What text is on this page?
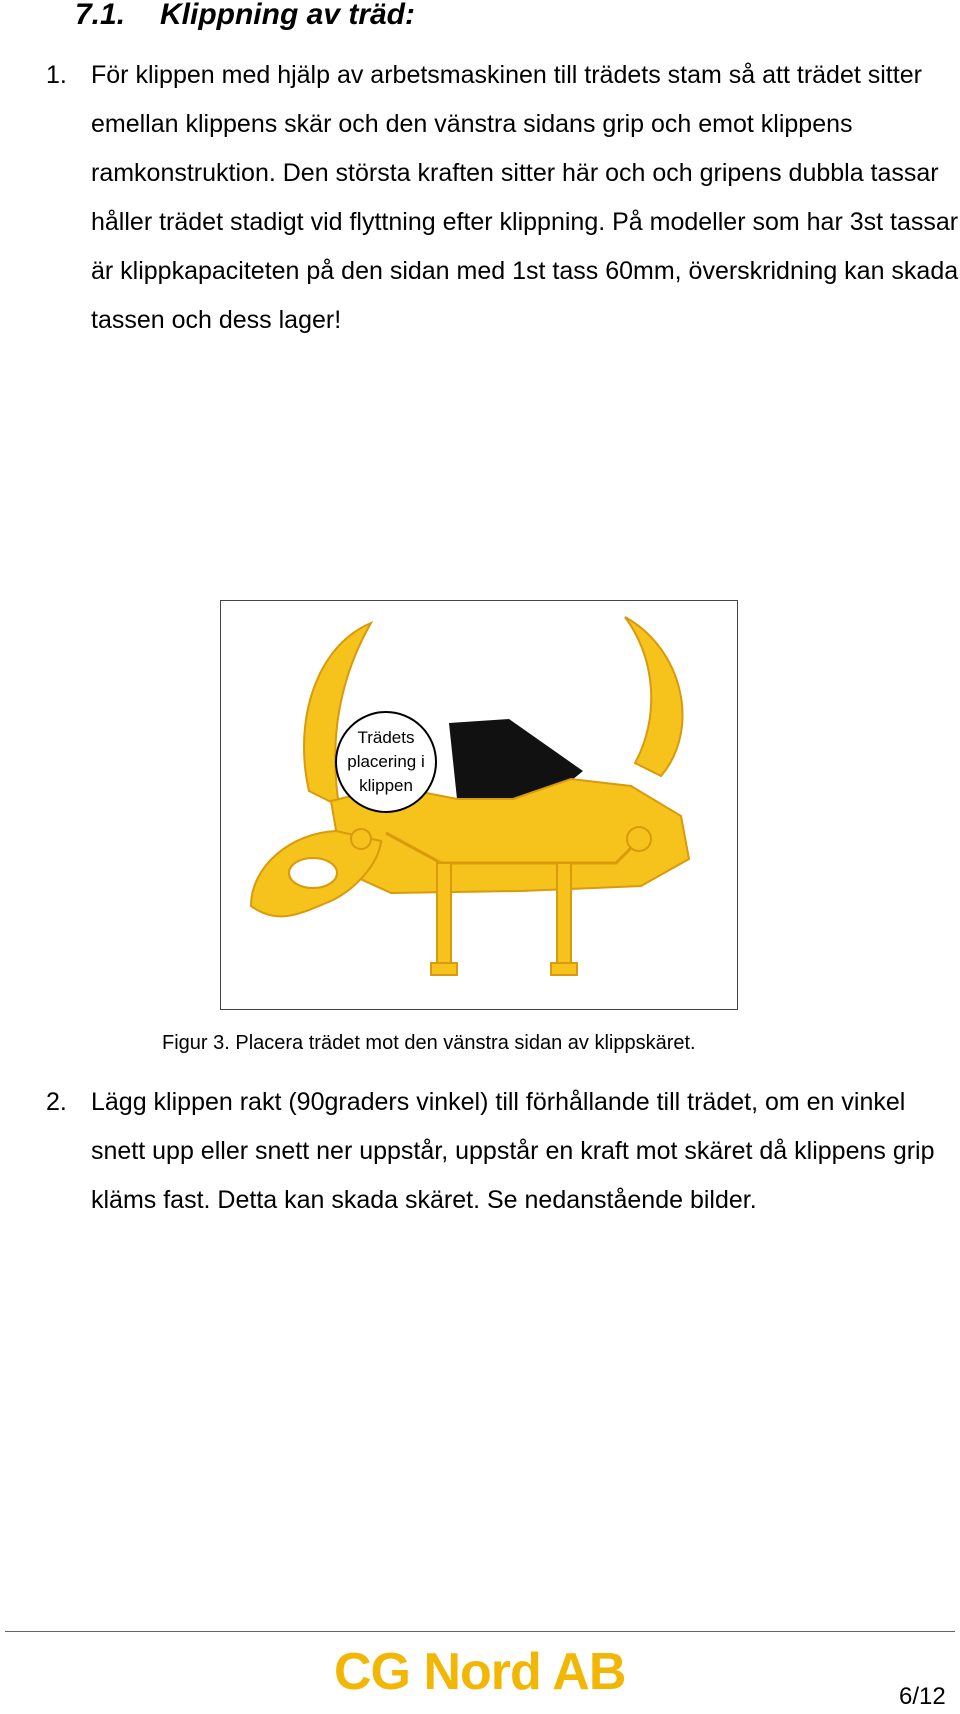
7.1. Klippning av träd:
1. För klippen med hjälp av arbetsmaskinen till trädets stam så att trädet sitter emellan klippens skär och den vänstra sidans grip och emot klippens ramkonstruktion. Den största kraften sitter här och och gripens dubbla tassar håller trädet stadigt vid flyttning efter klippning. På modeller som har 3st tassar är klippkapaciteten på den sidan med 1st tass 60mm, överskridning kan skada tassen och dess lager!

Trädets placering i klippen
Figur 3. Placera trädet mot den vänstra sidan av klippskäret.
2. Lägg klippen rakt (90graders vinkel) till förhållande till trädet, om en vinkel snett upp eller snett ner uppstår, uppstår en kraft mot skäret då klippens grip kläms fast. Detta kan skada skäret. Se nedanstående bilder.

CG Nord AB	6/12
